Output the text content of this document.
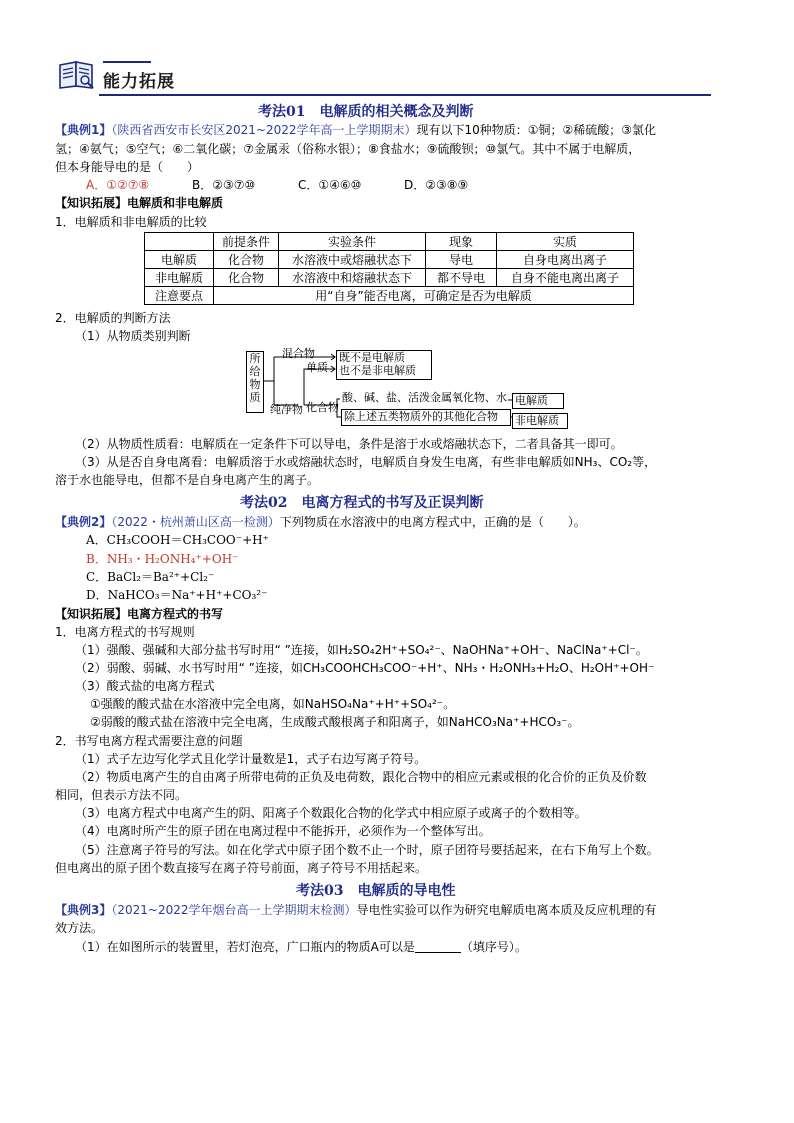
能力拓展
考法01　电解质的相关概念及判断
【典例1】（陕西省西安市长安区2021~2022学年高一上学期期末）现有以下10种物质：①铜；②稀硫酸；③氯化
氢；④氨气；⑤空气；⑥二氧化碳；⑦金属汞（俗称水银）；⑧食盐水；⑨硫酸钡；⑩氯气。其中不属于电解质，
但本身能导电的是（　　）
A．①②⑦⑧	B．②③⑦⑩	C．①④⑥⑩	D．②③⑧⑨
【知识拓展】电解质和非电解质
1．电解质和非电解质的比较
	前提条件	实验条件	现象	实质
电解质	化合物	水溶液中或熔融状态下	导电	自身电离出离子
非电解质	化合物	水溶液中和熔融状态下	都不导电	自身不能电离出离子
注意要点	用“自身”能否电离，可确定是否为电解质			
2．电解质的判断方法
（1）从物质类别判断
所给物质
混合物
单质
纯净物 化合物
既不是电解质
也不是非电解质
酸、碱、盐、活泼金属氧化物、水
除上述五类物质外的其他化合物
电解质
非电解质
（2）从物质性质看：电解质在一定条件下可以导电，条件是溶于水或熔融状态下，二者具备其一即可。
（3）从是否自身电离看：电解质溶于水或熔融状态时，电解质自身发生电离，有些非电解质如NH₃、CO₂等，
溶于水也能导电，但都不是自身电离产生的离子。
考法02　电离方程式的书写及正误判断
【典例2】（2022・杭州萧山区高一检测）下列物质在水溶液中的电离方程式中，正确的是（　　）。
A．CH₃COOH＝CH₃COO⁻+H⁺
B．NH₃・H₂ONH₄⁺+OH⁻
C．BaCl₂＝Ba²⁺+Cl₂⁻
D．NaHCO₃＝Na⁺+H⁺+CO₃²⁻
【知识拓展】电离方程式的书写
1．电离方程式的书写规则
（1）强酸、强碱和大部分盐书写时用“ ”连接，如H₂SO₄2H⁺+SO₄²⁻、NaOHNa⁺+OH⁻、NaClNa⁺+Cl⁻。
（2）弱酸、弱碱、水书写时用“ ”连接，如CH₃COOHCH₃COO⁻+H⁺、NH₃・H₂ONH₃+H₂O、H₂OH⁺+OH⁻
（3）酸式盐的电离方程式
①强酸的酸式盐在水溶液中完全电离，如NaHSO₄Na⁺+H⁺+SO₄²⁻。
②弱酸的酸式盐在溶液中完全电离，生成酸式酸根离子和阳离子，如NaHCO₃Na⁺+HCO₃⁻。
2．书写电离方程式需要注意的问题
（1）式子左边写化学式且化学计量数是1，式子右边写离子符号。
（2）物质电离产生的自由离子所带电荷的正负及电荷数，跟化合物中的相应元素或根的化合价的正负及价数
相同，但表示方法不同。
（3）电离方程式中电离产生的阴、阳离子个数跟化合物的化学式中相应原子或离子的个数相等。
（4）电离时所产生的原子团在电离过程中不能拆开，必须作为一个整体写出。
（5）注意离子符号的写法。如在化学式中原子团个数不止一个时，原子团符号要括起来，在右下角写上个数。
但电离出的原子团个数直接写在离子符号前面，离子符号不用括起来。
考法03　电解质的导电性
【典例3】（2021~2022学年烟台高一上学期期末检测）导电性实验可以作为研究电解质电离本质及反应机理的有
效方法。
（1）在如图所示的装置里，若灯泡亮，广口瓶内的物质A可以是	（填序号）。
